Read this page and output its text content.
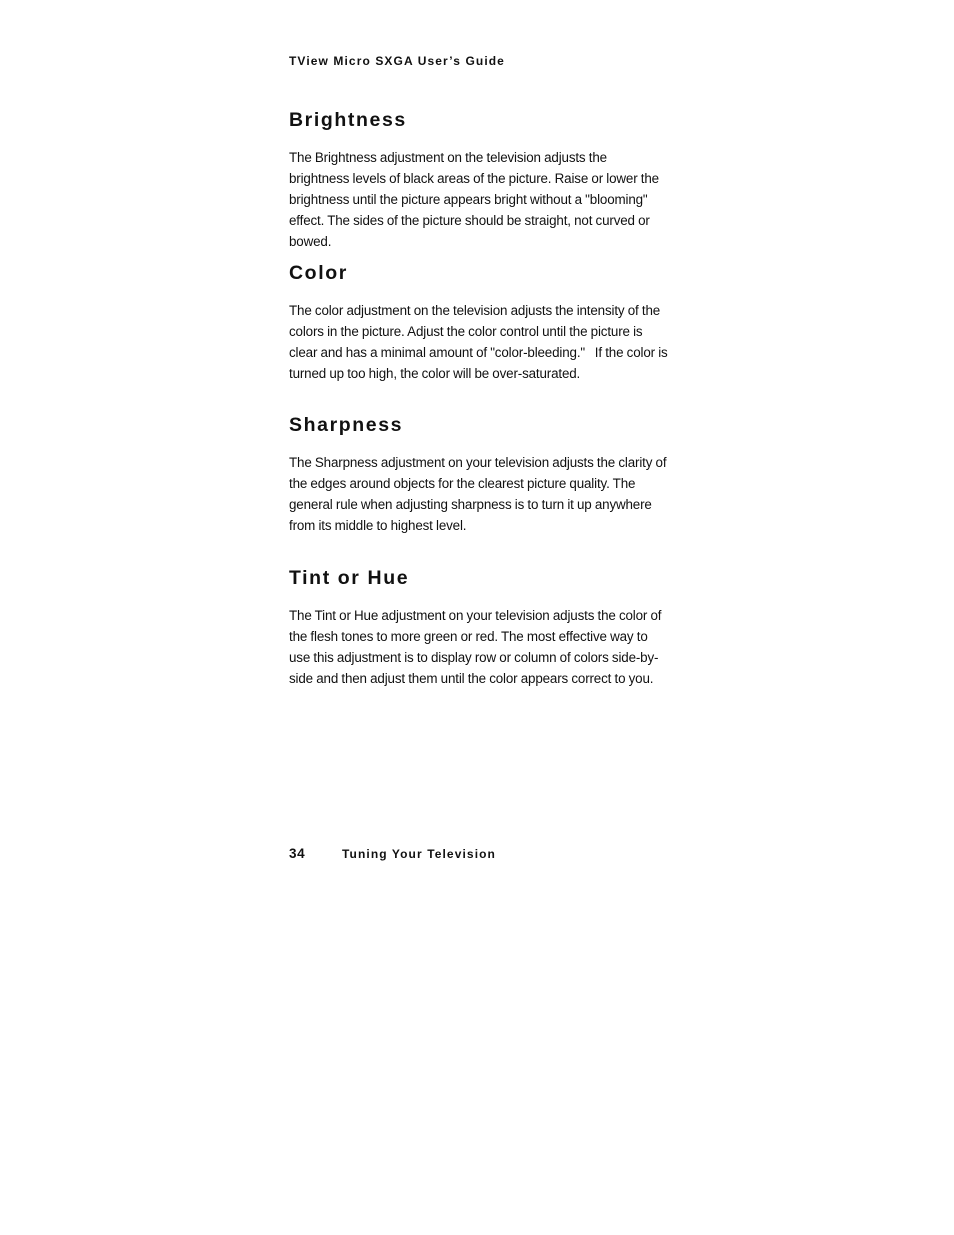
TView Micro SXGA User’s Guide
Brightness

The Brightness adjustment on the television adjusts the brightness levels of black areas of the picture. Raise or lower the brightness until the picture appears bright without a "blooming" effect. The sides of the picture should be straight, not curved or bowed.

Color

The color adjustment on the television adjusts the intensity of the colors in the picture. Adjust the color control until the picture is clear and has a minimal amount of "color-bleeding."   If the color is turned up too high, the color will be over-saturated.

Sharpness

The Sharpness adjustment on your television adjusts the clarity of the edges around objects for the clearest picture quality. The general rule when adjusting sharpness is to turn it up anywhere from its middle to highest level.

Tint or Hue

The Tint or Hue adjustment on your television adjusts the color of the flesh tones to more green or red. The most effective way to use this adjustment is to display row or column of colors side-by-side and then adjust them until the color appears correct to you.

34	Tuning Your Television
